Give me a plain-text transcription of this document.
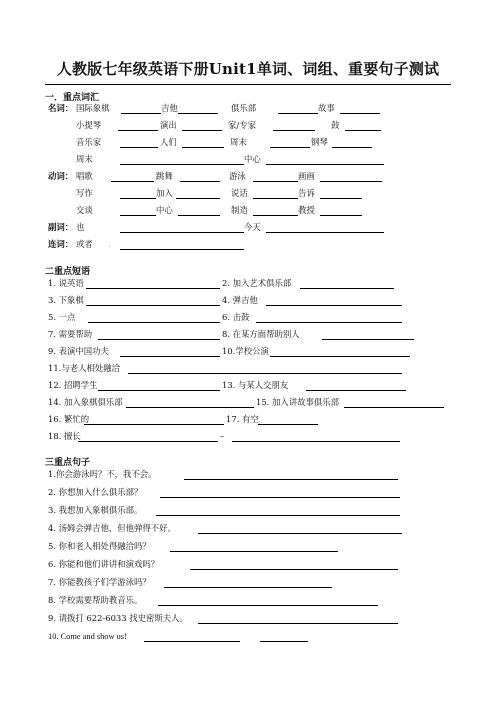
人教版七年级英语下册Unit1单词、词组、重要句子测试
一．重点词汇
名词： 国际象棋	吉他	俱乐部	故事
小提琴	演出	家/专家	鼓
音乐家	人们	周末	钢琴
周末	中心
动词： 唱歌	跳舞	游泳	画画
写作	加入	说话	告诉
交谈	中心	制造	教授
副词： 也	今天
连词： 或者 .
二重点短语
1. 说英语	2. 加入艺术俱乐部
3. 下象棋	4. 弹吉他
5. 一点	6. 击鼓
7. 需要帮助	8. 在某方面帮助别人
9. 表演中国功夫	10.学校公演
11.与老人相处融洽
12. 招聘学生	13. 与某人交朋友
14. 加入象棋俱乐部	15. 加入讲故事俱乐部
16. 繁忙的	17. 有空
18. 擅长	–
三重点句子
1.你会游泳吗？不，我不会。
2. 你想加入什么俱乐部？
3. 我想加入象棋俱乐部。
4. 汤姆会弹吉他，但他弹得不好。
5. 你和老人相处得融洽吗？
6. 你能和他们讲讲和演戏吗？
7. 你能教孩子们学游泳吗？
8. 学校需要帮助教音乐。
9. 请拨打 622-6033 找史密斯夫人。
10. Come and show us!
